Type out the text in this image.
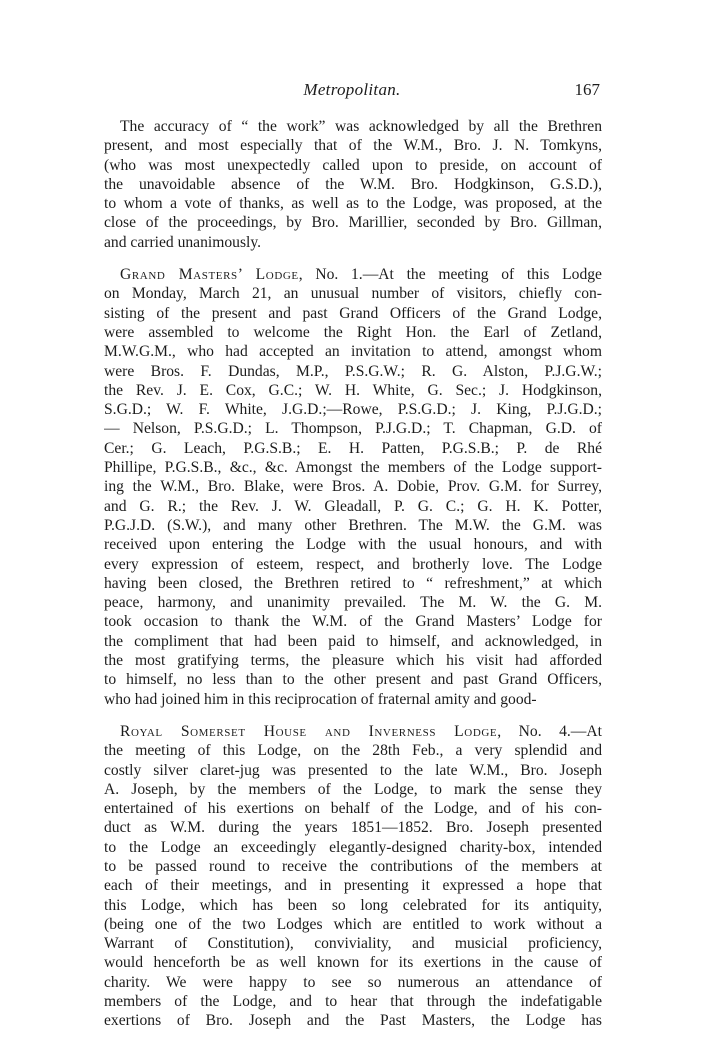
Metropolitan.	167
The accuracy of “ the work” was acknowledged by all the Brethren
present, and most especially that of the W.M., Bro. J. N. Tomkyns,
(who was most unexpectedly called upon to preside, on account of
the unavoidable absence of the W.M. Bro. Hodgkinson, G.S.D.),
to whom a vote of thanks, as well as to the Lodge, was proposed, at the
close of the proceedings, by Bro. Marillier, seconded by Bro. Gillman,
and carried unanimously.
Grand Masters’ Lodge, No. 1.—At the meeting of this Lodge
on Monday, March 21, an unusual number of visitors, chiefly con-
sisting of the present and past Grand Officers of the Grand Lodge,
were assembled to welcome the Right Hon. the Earl of Zetland,
M.W.G.M., who had accepted an invitation to attend, amongst whom
were Bros. F. Dundas, M.P., P.S.G.W.; R. G. Alston, P.J.G.W.;
the Rev. J. E. Cox, G.C.; W. H. White, G. Sec.; J. Hodgkinson,
S.G.D.; W. F. White, J.G.D.;—Rowe, P.S.G.D.; J. King, P.J.G.D.;
— Nelson, P.S.G.D.; L. Thompson, P.J.G.D.; T. Chapman, G.D. of
Cer.; G. Leach, P.G.S.B.; E. H. Patten, P.G.S.B.; P. de Rhé
Phillipe, P.G.S.B., &c., &c. Amongst the members of the Lodge support-
ing the W.M., Bro. Blake, were Bros. A. Dobie, Prov. G.M. for Surrey,
and G. R.; the Rev. J. W. Gleadall, P. G. C.; G. H. K. Potter,
P.G.J.D. (S.W.), and many other Brethren. The M.W. the G.M. was
received upon entering the Lodge with the usual honours, and with
every expression of esteem, respect, and brotherly love. The Lodge
having been closed, the Brethren retired to “ refreshment,” at which
peace, harmony, and unanimity prevailed. The M. W. the G. M.
took occasion to thank the W.M. of the Grand Masters’ Lodge for
the compliment that had been paid to himself, and acknowledged, in
the most gratifying terms, the pleasure which his visit had afforded
to himself, no less than to the other present and past Grand Officers,
who had joined him in this reciprocation of fraternal amity and good-
Royal Somerset House and Inverness Lodge, No. 4.—At
the meeting of this Lodge, on the 28th Feb., a very splendid and
costly silver claret-jug was presented to the late W.M., Bro. Joseph
A. Joseph, by the members of the Lodge, to mark the sense they
entertained of his exertions on behalf of the Lodge, and of his con-
duct as W.M. during the years 1851—1852. Bro. Joseph presented
to the Lodge an exceedingly elegantly-designed charity-box, intended
to be passed round to receive the contributions of the members at
each of their meetings, and in presenting it expressed a hope that
this Lodge, which has been so long celebrated for its antiquity,
(being one of the two Lodges which are entitled to work without a
Warrant of Constitution), conviviality, and musicial proficiency,
would henceforth be as well known for its exertions in the cause of
charity. We were happy to see so numerous an attendance of
members of the Lodge, and to hear that through the indefatigable
exertions of Bro. Joseph and the Past Masters, the Lodge has
